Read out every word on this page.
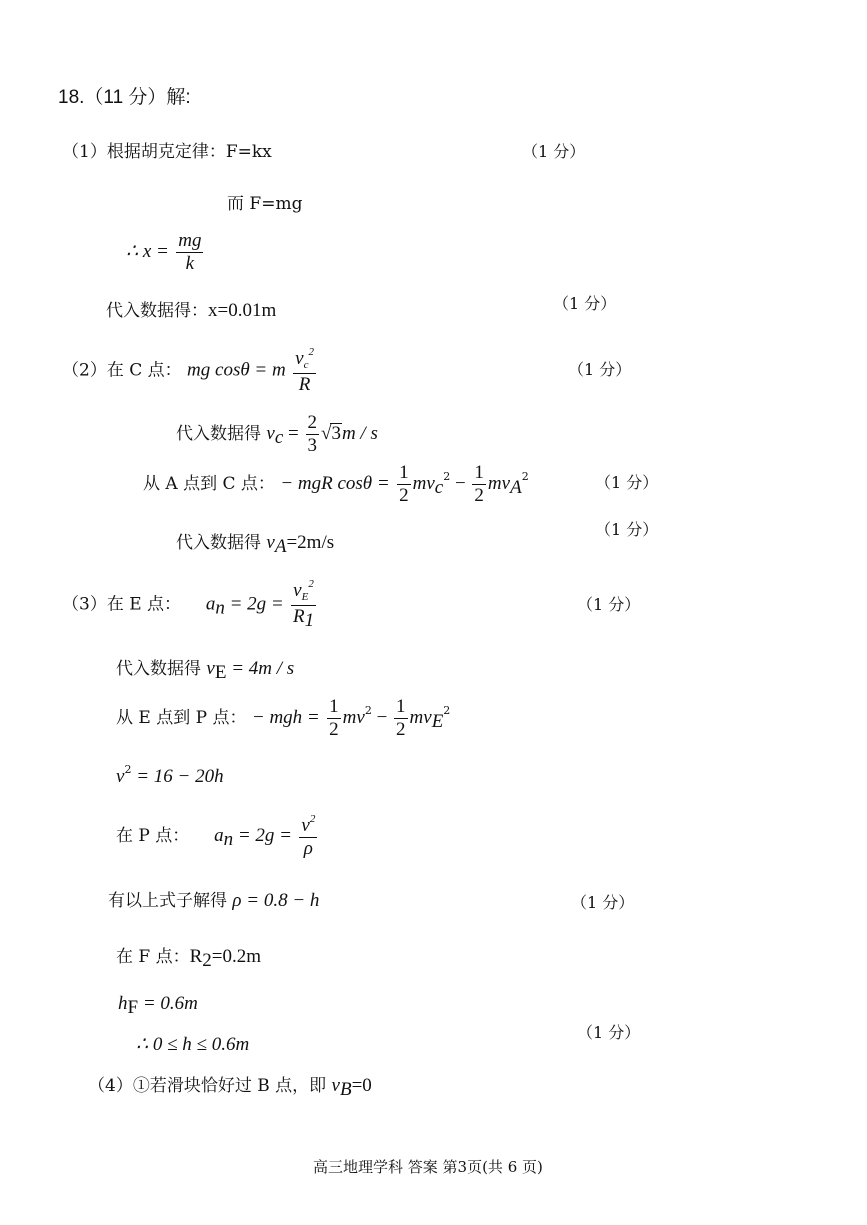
18.（11 分）解:
（1）根据胡克定律：F=kx	（1 分）
而 F=mg
∴ $x = \frac{mg}{k}$
代入数据得：x=0.01m	（1 分）
（2）在 C 点： mg cosθ = m $\frac{v_c^2}{R}$	（1 分）
代入数据得 $v_c = \frac{2}{3} √3m / s$
从 A 点到 C 点： − mgR $\cos\theta = \frac{1}{2} mv_c^2 - \frac{1}{2} mv_A^2$	（1 分）
代入数据得 $v_A=2m/s$
（1 分）
（3）在 E 点： $a_n = 2g = \frac{v_E^2}{R_1}$	（1 分）
代入数据得 $v_E = 4m / s$
从 E 点到 P 点： − mgh = $\frac{1}{2} mv^2 - \frac{1}{2} mv_E^2$
$v^2 = 16 - 20h$
在 P 点： $a_n = 2g = \frac{v^2}{\rho}$
有以上式子解得 ρ = 0.8 − h	（1 分）
在 F 点：$R_2=0.2m$
$h_F = 0.6m$
∴ 0 ≤ h ≤ 0.6m
（1 分）
（4）①若滑块恰好过 B 点，即 $v_B=0$
高三地理学科 答案 第3页(共 6 页)
